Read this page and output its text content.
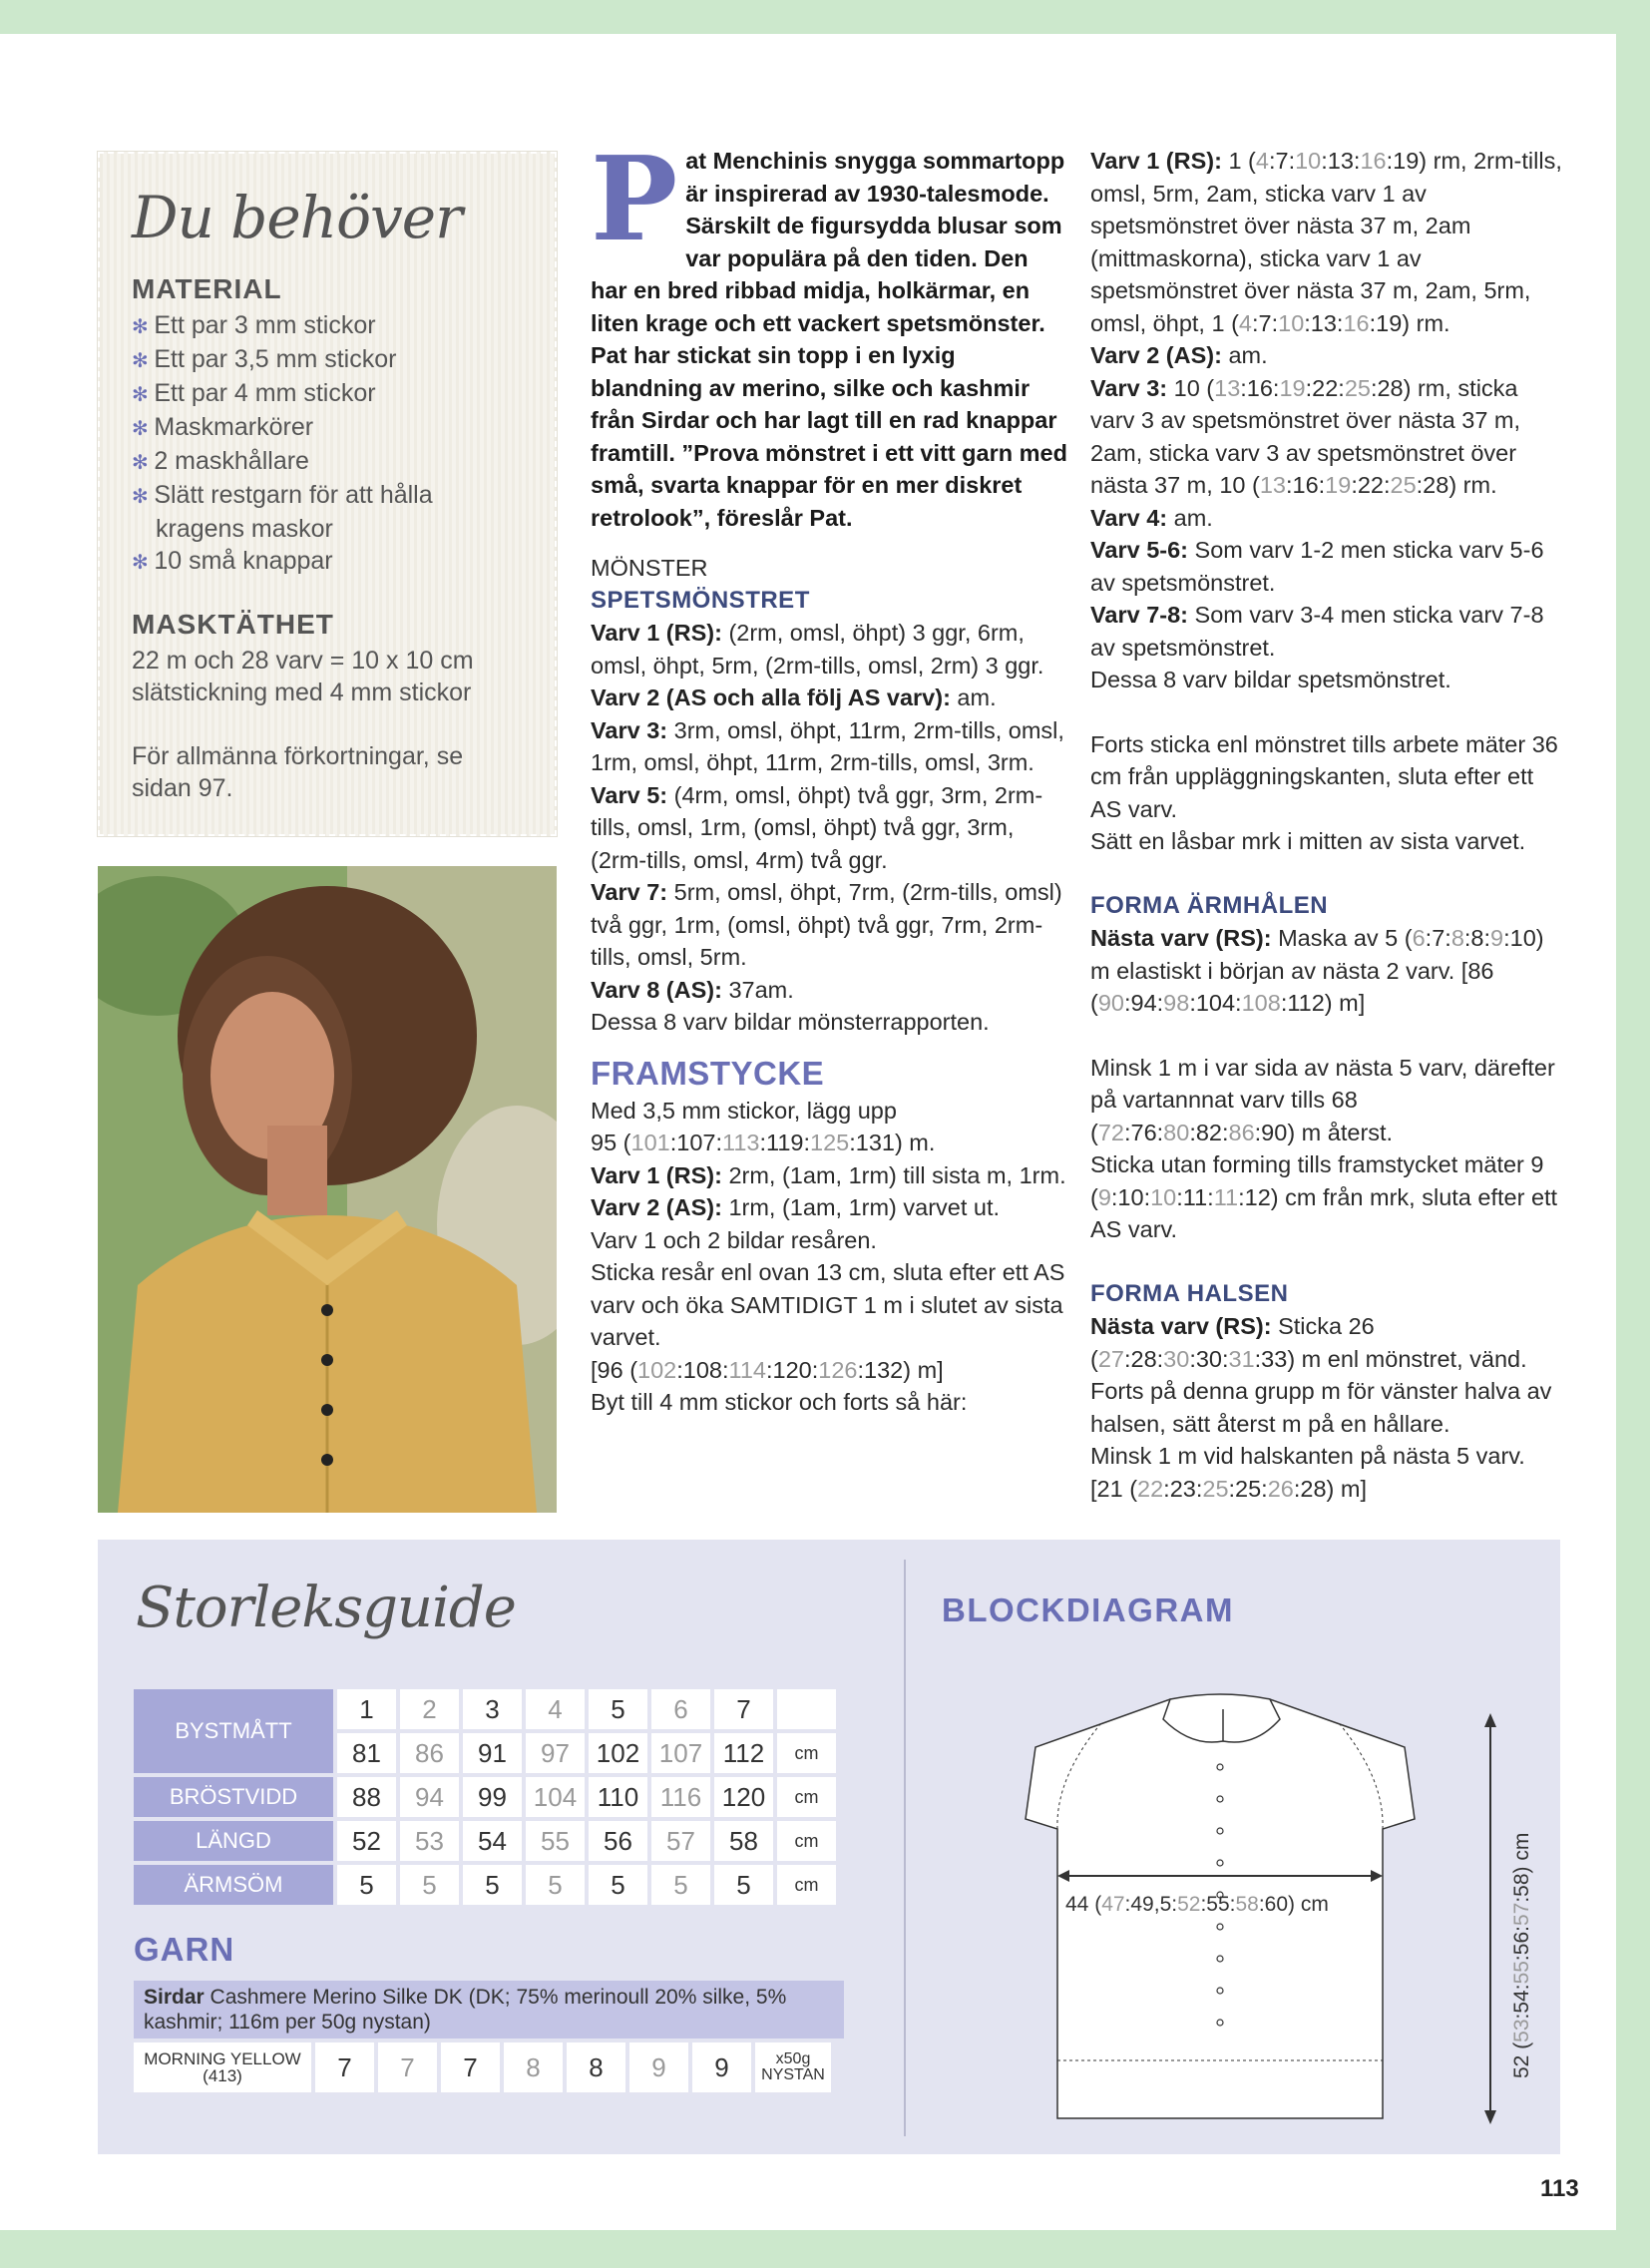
Du behöver
MATERIAL
✻ Ett par 3 mm stickor
✻ Ett par 3,5 mm stickor
✻ Ett par 4 mm stickor
✻ Maskmarkörer
✻ 2 maskhållare
✻ Slätt restgarn för att hålla kragens maskor
✻ 10 små knappar
MASKTÄTHET

22 m och 28 varv = 10 x 10 cm slätstickning med 4 mm stickor

För allmänna förkortningar, se sidan 97.

Pat Menchinis snygga sommartopp är inspirerad av 1930-talesmode. Särskilt de figursydda blusar som var populära på den tiden. Den har en bred ribbad midja, holkärmar, en liten krage och ett vackert spetsmönster. Pat har stickat sin topp i en lyxig blandning av merino, silke och kashmir från Sirdar och har lagt till en rad knappar framtill. ”Prova mönstret i ett vitt garn med små, svarta knappar för en mer diskret retrolook”, föreslår Pat.
MÖNSTER
SPETSMÖNSTRET
Varv 1 (RS): (2rm, omsl, öhpt) 3 ggr, 6rm, omsl, öhpt, 5rm, (2rm-tills, omsl, 2rm) 3 ggr.
Varv 2 (AS och alla följ AS varv): am.
Varv 3: 3rm, omsl, öhpt, 11rm, 2rm-tills, omsl, 1rm, omsl, öhpt, 11rm, 2rm-tills, omsl, 3rm.
Varv 5: (4rm, omsl, öhpt) två ggr, 3rm, 2rm-tills, omsl, 1rm, (omsl, öhpt) två ggr, 3rm, (2rm-tills, omsl, 4rm) två ggr.
Varv 7: 5rm, omsl, öhpt, 7rm, (2rm-tills, omsl) två ggr, 1rm, (omsl, öhpt) två ggr, 7rm, 2rm-tills, omsl, 5rm.
Varv 8 (AS): 37am.
Dessa 8 varv bildar mönsterrapporten.
FRAMSTYCKE
Med 3,5 mm stickor, lägg upp
95 (101:107:113:119:125:131) m.
Varv 1 (RS): 2rm, (1am, 1rm) till sista m, 1rm.
Varv 2 (AS): 1rm, (1am, 1rm) varvet ut.
Varv 1 och 2 bildar resåren.
Sticka resår enl ovan 13 cm, sluta efter ett AS varv och öka SAMTIDIGT 1 m i slutet av sista varvet.
[96 (102:108:114:120:126:132) m]
Byt till 4 mm stickor och forts så här:
Varv 1 (RS): 1 (4:7:10:13:16:19) rm, 2rm-tills, omsl, 5rm, 2am, sticka varv 1 av spetsmönstret över nästa 37 m, 2am (mittmaskorna), sticka varv 1 av spetsmönstret över nästa 37 m, 2am, 5rm, omsl, öhpt, 1 (4:7:10:13:16:19) rm.
Varv 2 (AS): am.
Varv 3: 10 (13:16:19:22:25:28) rm, sticka varv 3 av spetsmönstret över nästa 37 m, 2am, sticka varv 3 av spetsmönstret över nästa 37 m, 10 (13:16:19:22:25:28) rm.
Varv 4: am.
Varv 5-6: Som varv 1-2 men sticka varv 5-6 av spetsmönstret.
Varv 7-8: Som varv 3-4 men sticka varv 7-8 av spetsmönstret.
Dessa 8 varv bildar spetsmönstret.
Forts sticka enl mönstret tills arbete mäter 36 cm från uppläggningskanten, sluta efter ett AS varv.
Sätt en låsbar mrk i mitten av sista varvet.
FORMA ÄRMHÅLEN
Nästa varv (RS): Maska av 5 (6:7:8:8:9:10) m elastiskt i början av nästa 2 varv. [86 (90:94:98:104:108:112) m]
Minsk 1 m i var sida av nästa 5 varv, därefter på vartannnat varv tills 68 (72:76:80:82:86:90) m återst.
Sticka utan forming tills framstycket mäter 9 (9:10:10:11:11:12) cm från mrk, sluta efter ett AS varv.
FORMA HALSEN
Nästa varv (RS): Sticka 26 (27:28:30:30:31:33) m enl mönstret, vänd.
Forts på denna grupp m för vänster halva av halsen, sätt återst m på en hållare.
Minsk 1 m vid halskanten på nästa 5 varv.
[21 (22:23:25:25:26:28) m]
Storleksguide
BYSTMÅTT	1	2	3	4	5	6	7	
	81	86	91	97	102	107	112	cm
BRÖSTVIDD	88	94	99	104	110	116	120	cm
LÄNGD	52	53	54	55	56	57	58	cm
ÄRMSÖM	5	5	5	5	5	5	5	cm
GARN
Sirdar Cashmere Merino Silke DK (DK; 75% merinoull 20% silke, 5% kashmir; 116m per 50g nystan)
MORNING YELLOW
(413)	7	7	7	8	8	9	9	x50g
NYSTAN
BLOCKDIAGRAM
44 (47:49,5:52:55:58:60) cm
52 (53:54:55:56:57:58) cm
113
